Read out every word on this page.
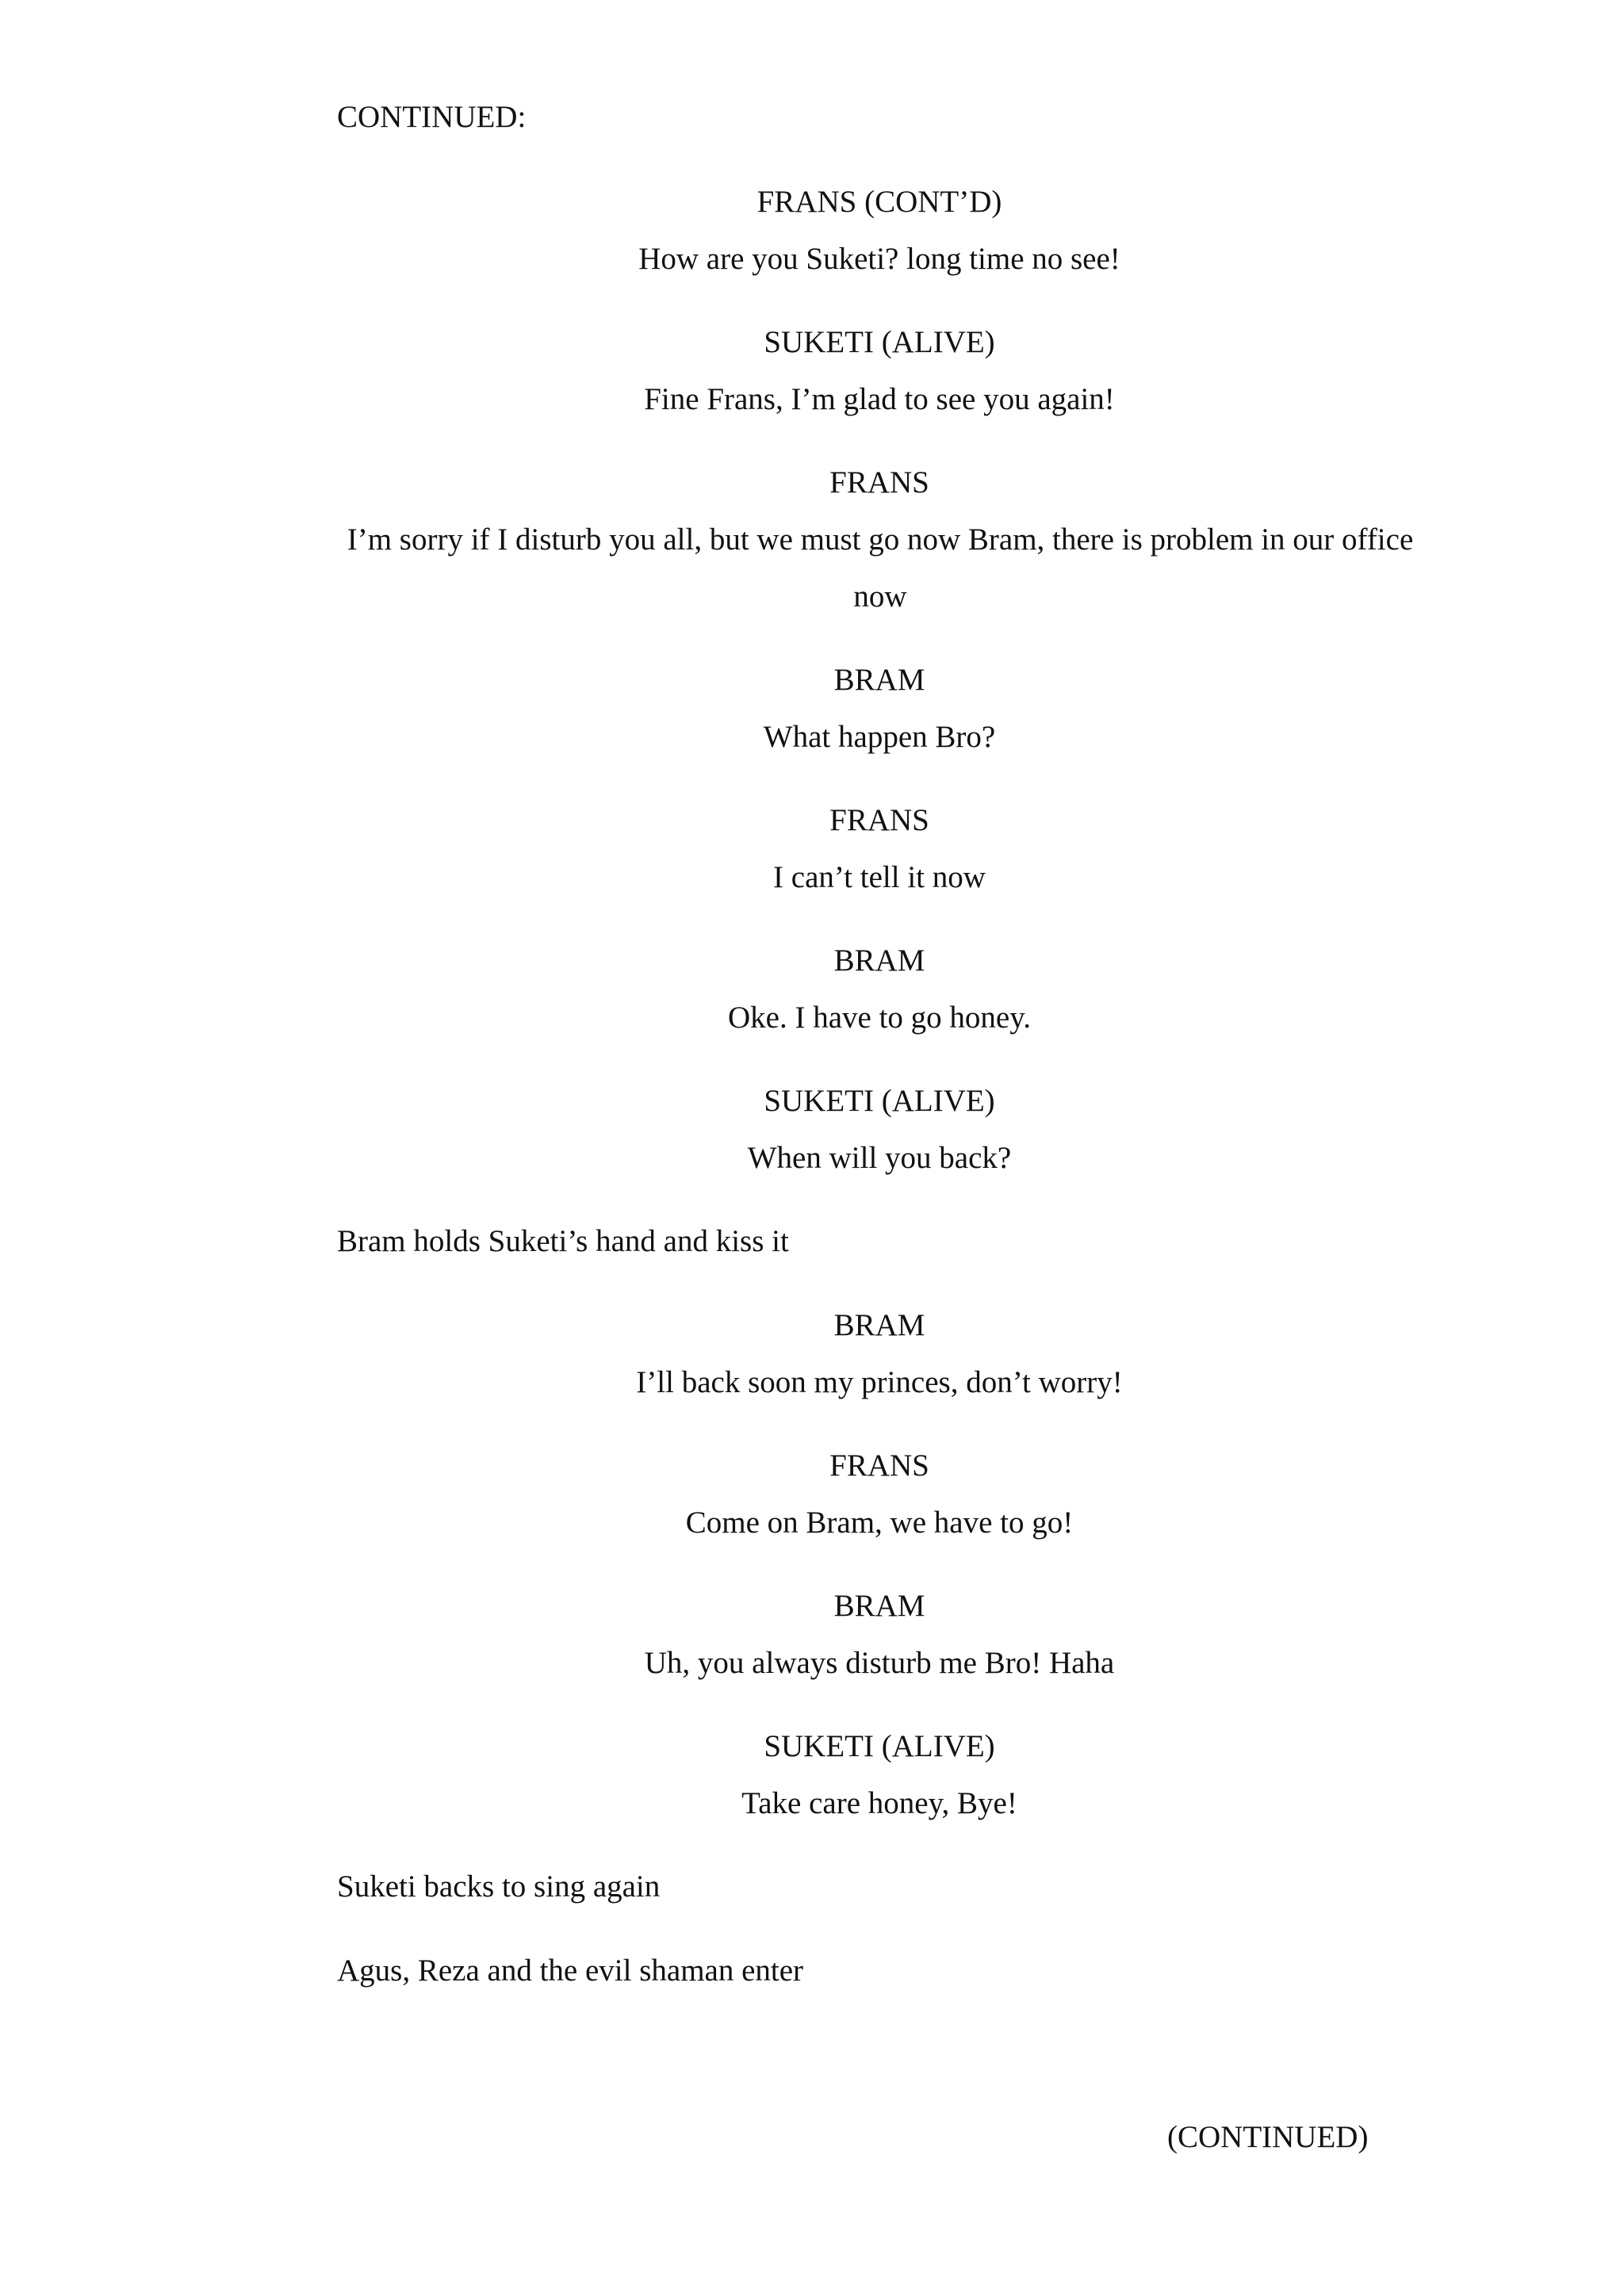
CONTINUED:

FRANS (CONT’D)

How are you Suketi? long time no see!

SUKETI (ALIVE)

Fine Frans, I’m glad to see you again!

FRANS

I’m sorry if I disturb you all, but we must go now Bram, there is problem in our office now

BRAM

What happen Bro?

FRANS

I can’t tell it now

BRAM

Oke. I have to go honey.

SUKETI (ALIVE)

When will you back?

Bram holds Suketi’s hand and kiss it

BRAM

I’ll back soon my princes, don’t worry!

FRANS

Come on Bram, we have to go!

BRAM

Uh, you always disturb me Bro! Haha

SUKETI (ALIVE)

Take care honey, Bye!

Suketi backs to sing again

Agus, Reza and the evil shaman enter

(CONTINUED)
